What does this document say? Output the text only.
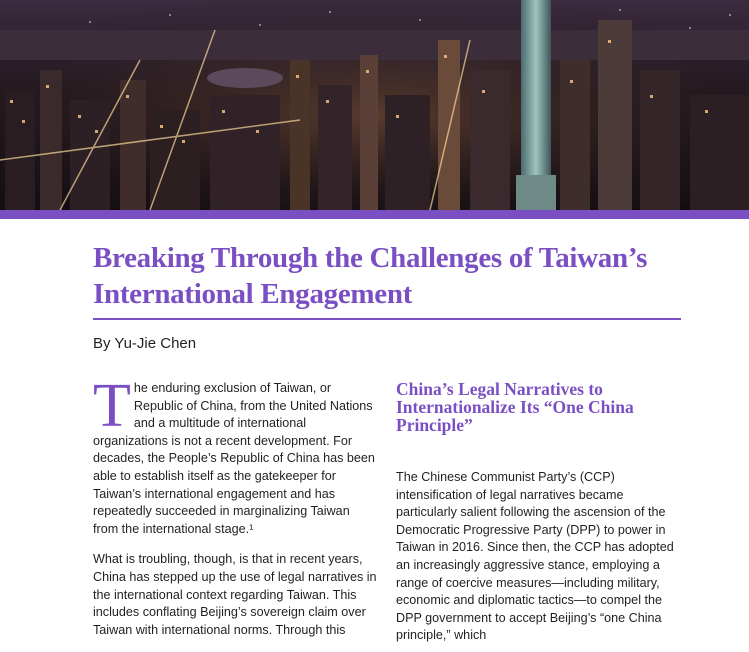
Breaking Through the Challenges of Taiwan’s International Engagement

By Yu-Jie Chen

The enduring exclusion of Taiwan, or Republic of China, from the United Nations and a multitude of international organizations is not a recent development. For decades, the People’s Republic of China has been able to establish itself as the gatekeeper for Taiwan’s international engagement and has repeatedly succeeded in marginalizing Taiwan from the international stage.¹

What is troubling, though, is that in recent years, China has stepped up the use of legal narratives in the international context regarding Taiwan. This includes conflating Beijing’s sovereign claim over Taiwan with international norms. Through this

China’s Legal Narratives to Internationalize Its “One China Principle”

The Chinese Communist Party’s (CCP) intensification of legal narratives became particularly salient following the ascension of the Democratic Progressive Party (DPP) to power in Taiwan in 2016. Since then, the CCP has adopted an increasingly aggressive stance, employing a range of coercive measures—including military, economic and diplomatic tactics—to compel the DPP government to accept Beijing’s “one China principle,” which
